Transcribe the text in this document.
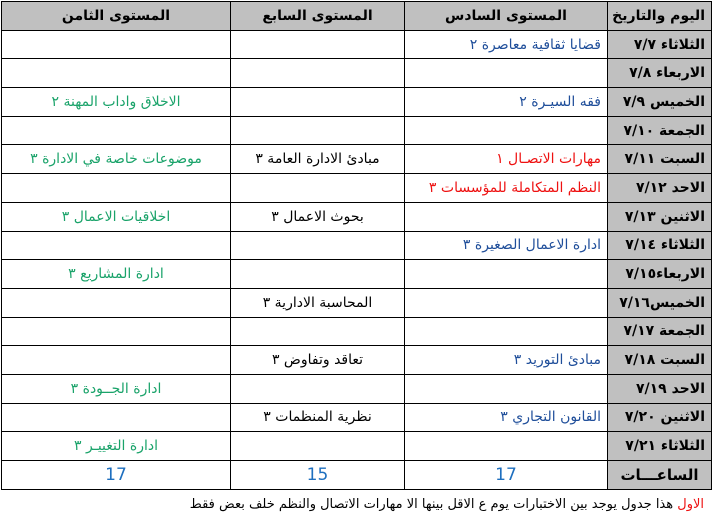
اليوم والتاريخ	المستوى السادس	المستوى السابع	المستوى الثامن
الثلاثاء ٧/٧	قضايا ثقافية معاصرة ٢		
الاربعاء ٧/٨			
الخميس ٧/٩	فقه السيـرة ٢		الاخلاق واداب المهنة ٢
الجمعة ٧/١٠			
السبت ٧/١١	مهارات الاتصـال ١	مبادئ الادارة العامة ٣	موضوعات خاصة في الادارة ٣
الاحد ٧/١٢	النظم المتكاملة للمؤسسات ٣		
الاثنين ٧/١٣		بحوث الاعمال ٣	اخلاقيات الاعمال ٣
الثلاثاء ٧/١٤	ادارة الاعمال الصغيرة ٣		
الاربعاء٧/١٥			ادارة المشاريع ٣
الخميس٧/١٦		المحاسبة الادارية ٣	
الجمعة ٧/١٧			
السبت ٧/١٨	مبادئ التوريد ٣	تعاقد وتفاوض ٣	
الاحد ٧/١٩			ادارة الجــودة ٣
الاثنين ٧/٢٠	القانون التجاري ٣	نظرية المنظمات ٣	
الثلاثاء ٧/٢١			ادارة التغييـر ٣
الساعـــات	17	15	17
الاول هذا جدول يوجد بين الاختبارات يوم ع الاقل بينها الا مهارات الاتصال والنظم خلف بعض فقط
